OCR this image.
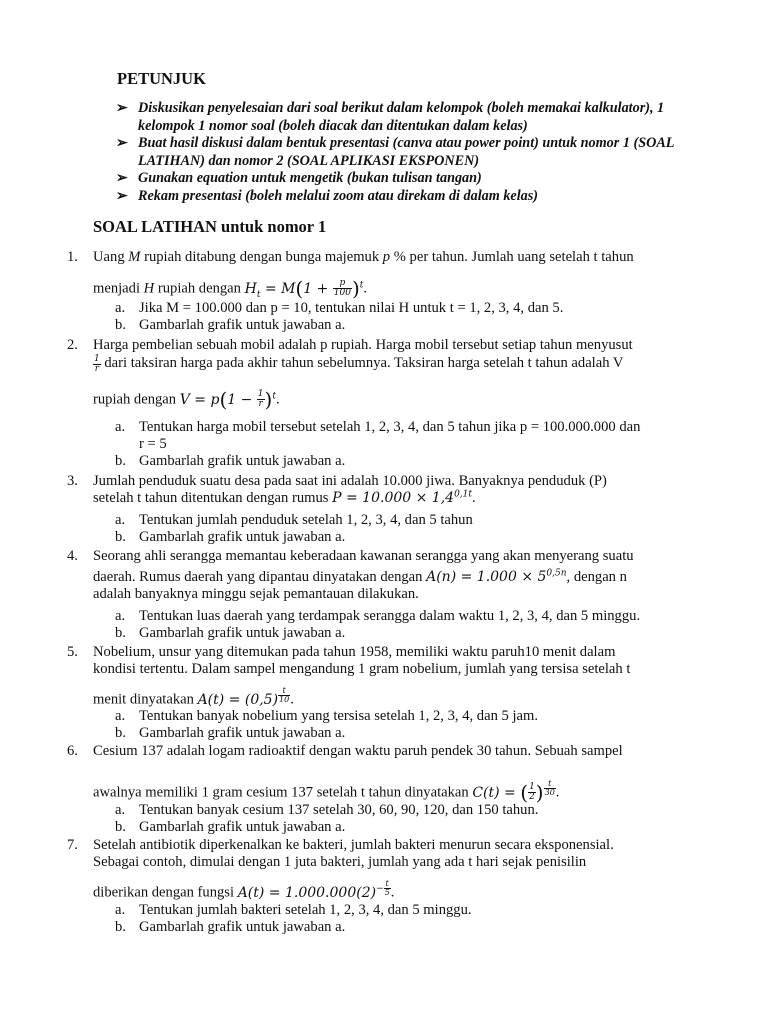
PETUNJUK
➢ Diskusikan penyelesaian dari soal berikut dalam kelompok (boleh memakai kalkulator), 1 kelompok 1 nomor soal (boleh diacak dan ditentukan dalam kelas)
➢ Buat hasil diskusi dalam bentuk presentasi (canva atau power point) untuk nomor 1 (SOAL LATIHAN) dan nomor 2 (SOAL APLIKASI EKSPONEN)
➢ Gunakan equation untuk mengetik (bukan tulisan tangan)
➢ Rekam presentasi (boleh melalui zoom atau direkam di dalam kelas)
SOAL LATIHAN untuk nomor 1
1.	Uang M rupiah ditabung dengan bunga majemuk p % per tahun. Jumlah uang setelah t tahun
menjadi H rupiah dengan $H_t = M(1 + \frac{p}{100} )^t$.
a. Jika M = 100.000 dan p = 10, tentukan nilai H untuk t = 1, 2, 3, 4, dan 5.
b. Gambarlah grafik untuk jawaban a.
2.	Harga pembelian sebuah mobil adalah p rupiah. Harga mobil tersebut setiap tahun menyusut
$\frac{1}{r}$ dari taksiran harga pada akhir tahun sebelumnya. Taksiran harga setelah t tahun adalah V
rupiah dengan $V = p(1 - \frac{1}{r} )^t$.
a. Tentukan harga mobil tersebut setelah 1, 2, 3, 4, dan 5 tahun jika p = 100.000.000 dan
r = 5
b. Gambarlah grafik untuk jawaban a.
3.	Jumlah penduduk suatu desa pada saat ini adalah 10.000 jiwa. Banyaknya penduduk (P)
setelah t tahun ditentukan dengan rumus $P = 10.000 \times 1,4^{0,1t}$.
a. Tentukan jumlah penduduk setelah 1, 2, 3, 4, dan 5 tahun
b. Gambarlah grafik untuk jawaban a.
4.	Seorang ahli serangga memantau keberadaan kawanan serangga yang akan menyerang suatu
daerah. Rumus daerah yang dipantau dinyatakan dengan $A(n) = 1.000 \times 5^{0,5n}$, dengan n
adalah banyaknya minggu sejak pemantauan dilakukan.
a. Tentukan luas daerah yang terdampak serangga dalam waktu 1, 2, 3, 4, dan 5 minggu.
b. Gambarlah grafik untuk jawaban a.
5.	Nobelium, unsur yang ditemukan pada tahun 1958, memiliki waktu paruh10 menit dalam
kondisi tertentu. Dalam sampel mengandung 1 gram nobelium, jumlah yang tersisa setelah t
menit dinyatakan A(t) = (0,5) $^{\frac{t}{10}}$ .
a. Tentukan banyak nobelium yang tersisa setelah 1, 2, 3, 4, dan 5 jam.
b. Gambarlah grafik untuk jawaban a.
6.	Cesium 137 adalah logam radioaktif dengan waktu paruh pendek 30 tahun. Sebuah sampel
awalnya memiliki 1 gram cesium 137 setelah t tahun dinyatakan C(t) = ( $\frac{1}{2}$ ) $^{\frac{t}{30}}$ .
a. Tentukan banyak cesium 137 setelah 30, 60, 90, 120, dan 150 tahun.
b. Gambarlah grafik untuk jawaban a.
7.	Setelah antibiotik diperkenalkan ke bakteri, jumlah bakteri menurun secara eksponensial.
Sebagai contoh, dimulai dengan 1 juta bakteri, jumlah yang ada t hari sejak penisilin
diberikan dengan fungsi $A(t) = 1.000.000(2)^{- \frac{t}{5}}$ .
a. Tentukan jumlah bakteri setelah 1, 2, 3, 4, dan 5 minggu.
b. Gambarlah grafik untuk jawaban a.
